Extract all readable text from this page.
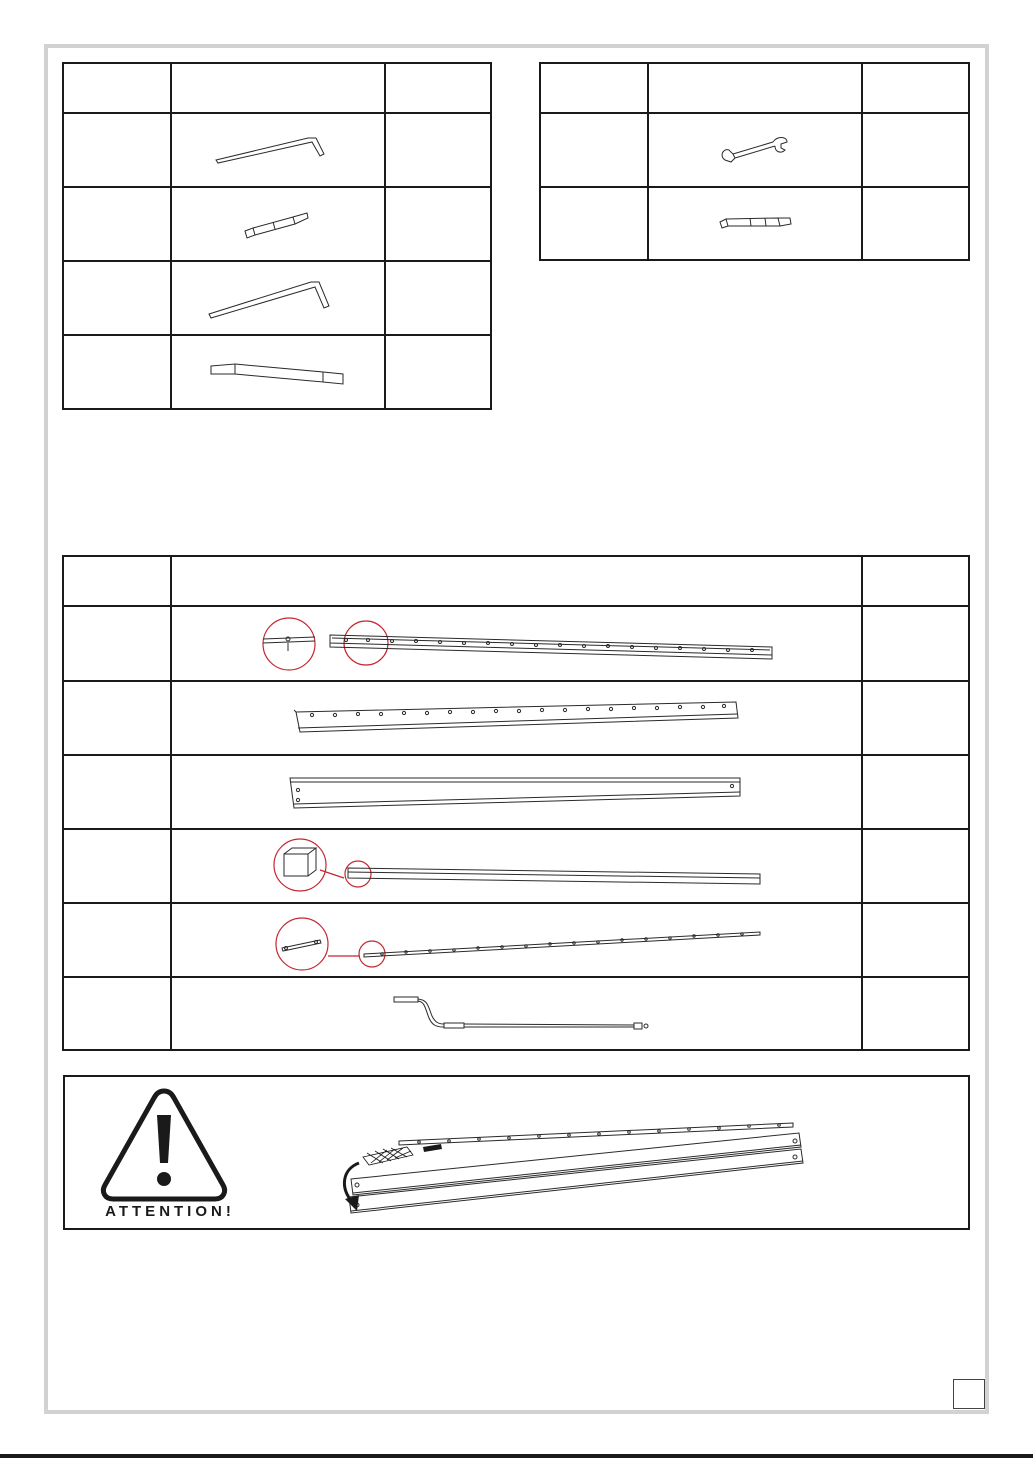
ATTENTION!
